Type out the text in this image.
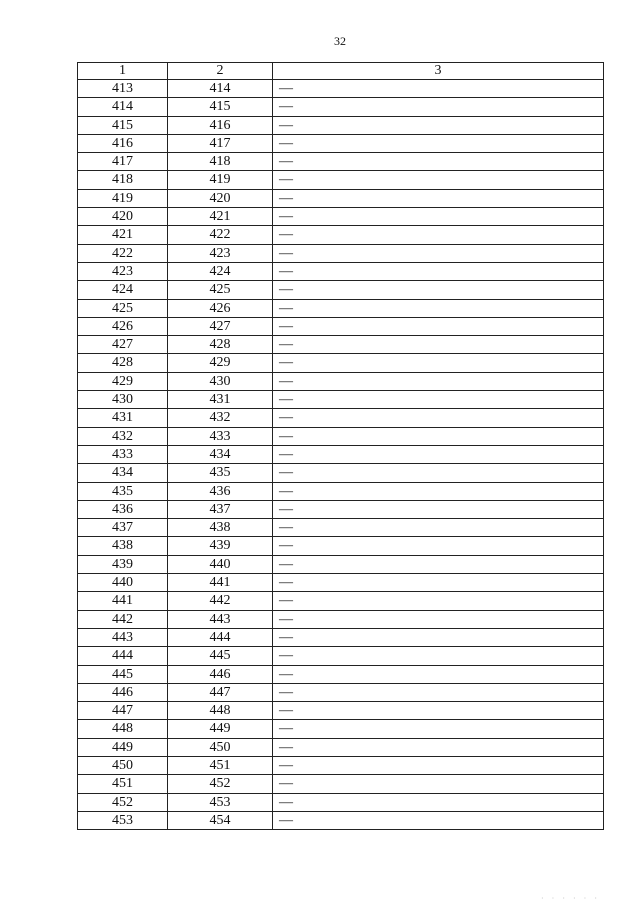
32
1	2	3
413	414	—
414	415	—
415	416	—
416	417	—
417	418	—
418	419	—
419	420	—
420	421	—
421	422	—
422	423	—
423	424	—
424	425	—
425	426	—
426	427	—
427	428	—
428	429	—
429	430	—
430	431	—
431	432	—
432	433	—
433	434	—
434	435	—
435	436	—
436	437	—
437	438	—
438	439	—
439	440	—
440	441	—
441	442	—
442	443	—
443	444	—
444	445	—
445	446	—
446	447	—
447	448	—
448	449	—
449	450	—
450	451	—
451	452	—
452	453	—
453	454	—
· · · · · ·
